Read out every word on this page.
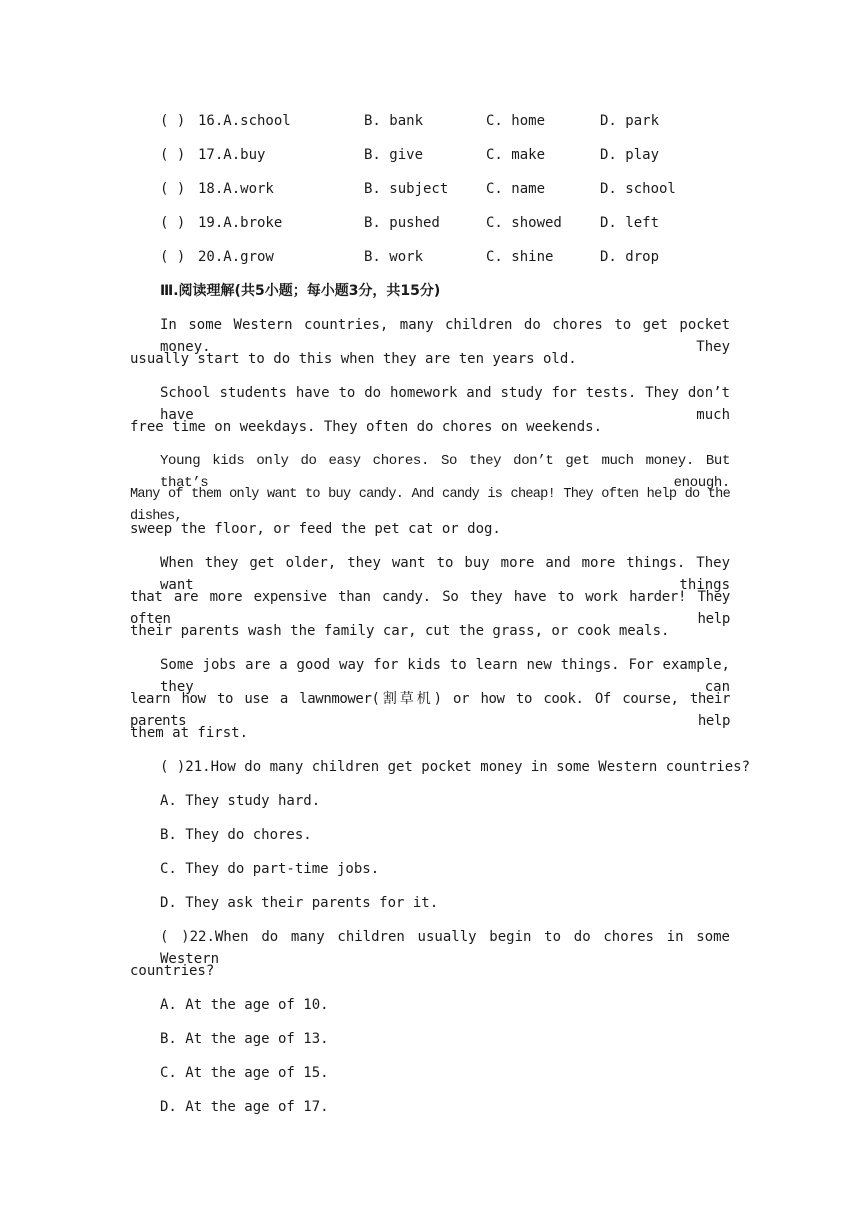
( ) 16.A.school	B. bank	C. home	D. park
( ) 17.A.buy	B. give	C. make	D. play
( ) 18.A.work	B. subject	C. name	D. school
( ) 19.A.broke	B. pushed	C. showed	D. left
( ) 20.A.grow	B. work	C. shine	D. drop
Ⅲ.阅读理解(共5小题；每小题3分，共15分)
In some Western countries, many children do chores to get pocket money. They
usually start to do this when they are ten years old.
School students have to do homework and study for tests. They don’t have much
free time on weekdays. They often do chores on weekends.
Young kids only do easy chores. So they don’t get much money. But that’s enough.
Many of them only want to buy candy. And candy is cheap! They often help do the dishes,
sweep the floor, or feed the pet cat or dog.
When they get older, they want to buy more and more things. They want things
that are more expensive than candy. So they have to work harder! They often help
their parents wash the family car, cut the grass, or cook meals.
Some jobs are a good way for kids to learn new things. For example, they can
learn how to use a lawnmower(割草机) or how to cook. Of course, their parents help
them at first.
( )21.How do many children get pocket money in some Western countries?
A. They study hard.
B. They do chores.
C. They do part-time jobs.
D. They ask their parents for it.
( )22.When do many children usually begin to do chores in some Western
countries?
A. At the age of 10.
B. At the age of 13.
C. At the age of 15.
D. At the age of 17.
